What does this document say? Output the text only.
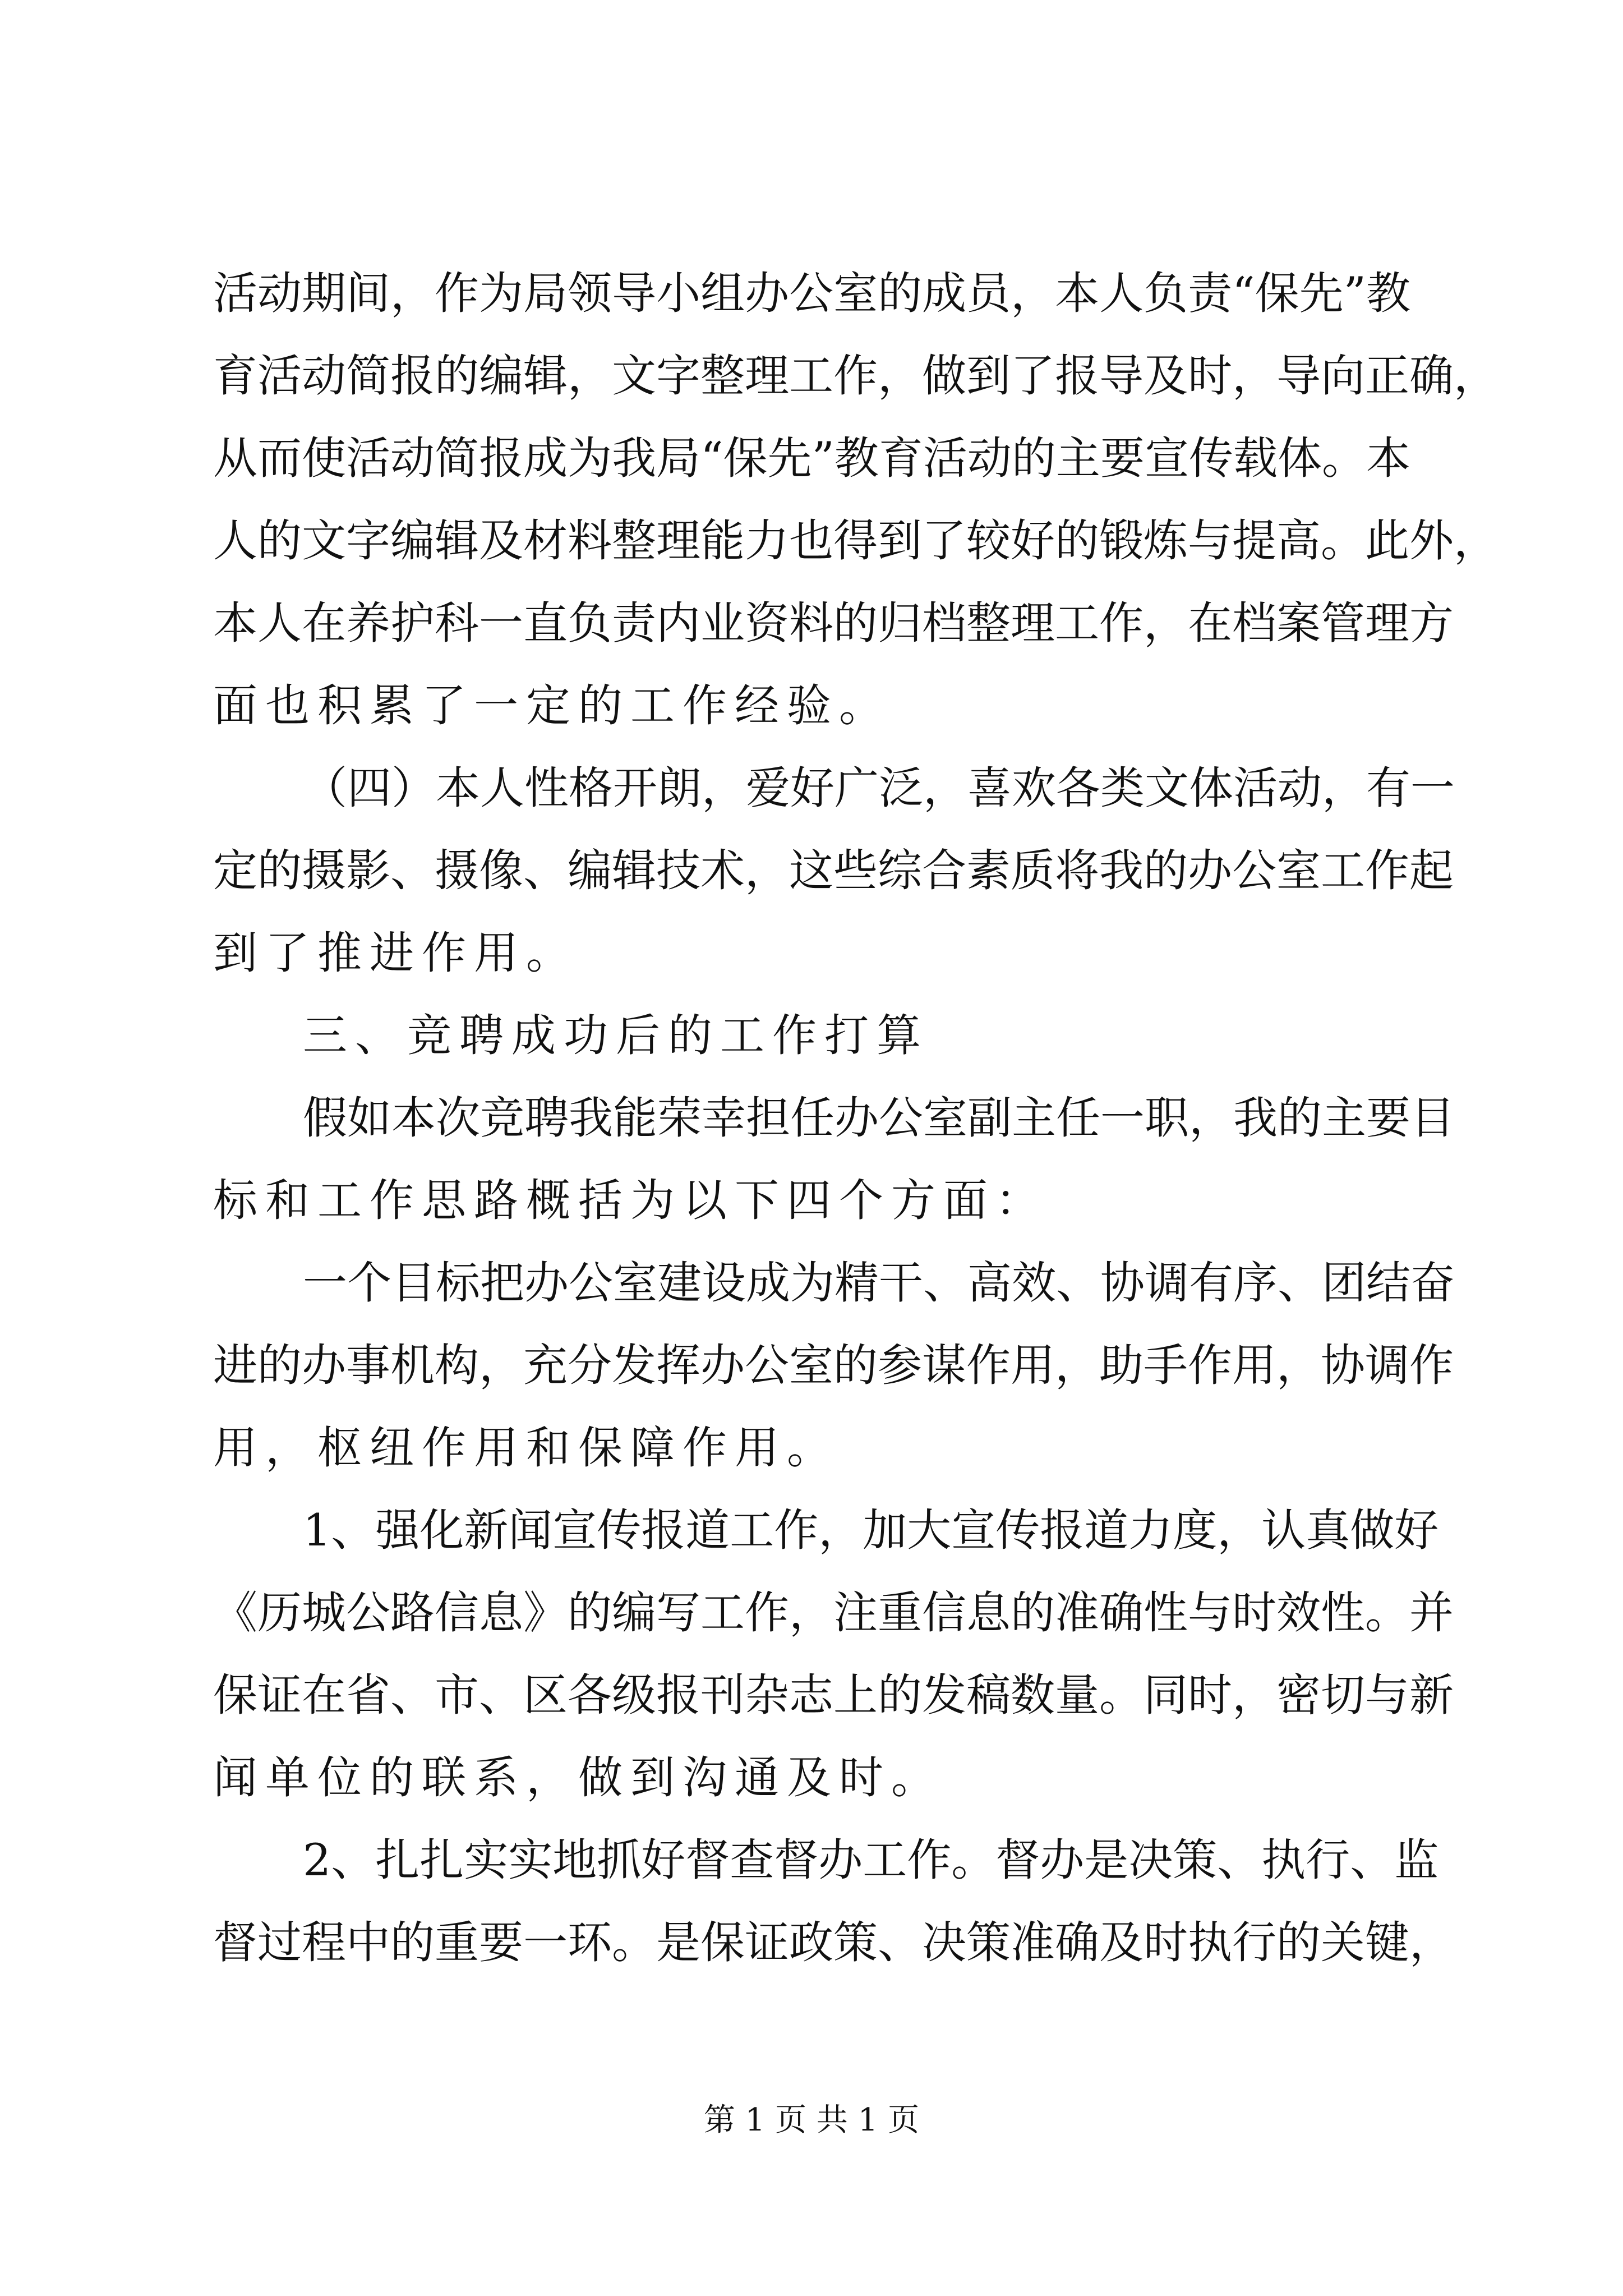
活动期间，作为局领导小组办公室的成员，本人负责“保先”教
育活动简报的编辑，文字整理工作，做到了报导及时，导向正确，
从而使活动简报成为我局“保先”教育活动的主要宣传载体。本
人的文字编辑及材料整理能力也得到了较好的锻炼与提高。此外，
本人在养护科一直负责内业资料的归档整理工作，在档案管理方
面也积累了一定的工作经验。
（四）本人性格开朗，爱好广泛，喜欢各类文体活动，有一
定的摄影、摄像、编辑技术，这些综合素质将我的办公室工作起
到了推进作用。
三、竞聘成功后的工作打算
假如本次竞聘我能荣幸担任办公室副主任一职，我的主要目
标和工作思路概括为以下四个方面：
一个目标把办公室建设成为精干、高效、协调有序、团结奋
进的办事机构，充分发挥办公室的参谋作用，助手作用，协调作
用，枢纽作用和保障作用。
1、强化新闻宣传报道工作，加大宣传报道力度，认真做好
《历城公路信息》的编写工作，注重信息的准确性与时效性。并
保证在省、市、区各级报刊杂志上的发稿数量。同时，密切与新
闻单位的联系，做到沟通及时。
2、扎扎实实地抓好督查督办工作。督办是决策、执行、监
督过程中的重要一环。是保证政策、决策准确及时执行的关键，
第 1 页 共 1 页
